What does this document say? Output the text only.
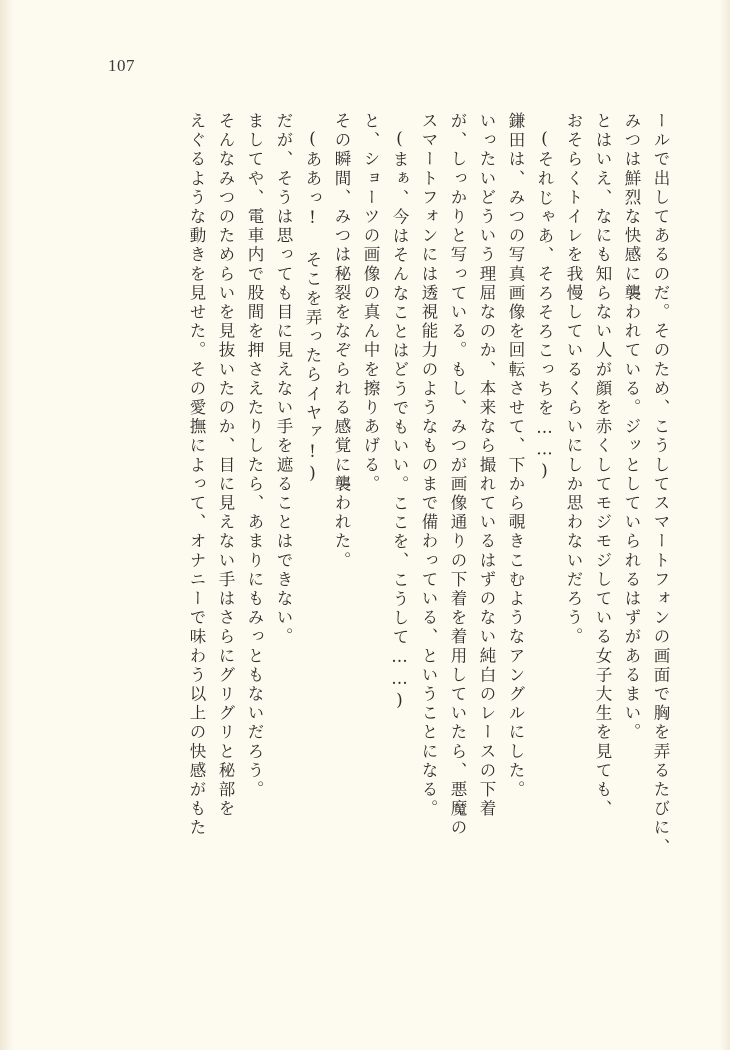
107
ールで出してあるのだ。そのため、こうしてスマートフォンの画面で胸を弄るたびに、
みつは鮮烈な快感に襲われている。ジッとしていられるはずがあるまい。
とはいえ、なにも知らない人が顔を赤くしてモジモジしている女子大生を見ても、
おそらくトイレを我慢しているくらいにしか思わないだろう。
(それじゃあ、そろそろこっちを……)
鎌田は、みつの写真画像を回転させて、下から覗きこむようなアングルにした。
いったいどういう理屈なのか、本来なら撮れているはずのない純白のレースの下着
が、しっかりと写っている。もし、みつが画像通りの下着を着用していたら、悪魔の
スマートフォンには透視能力のようなものまで備わっている、ということになる。
(まぁ、今はそんなことはどうでもいい。ここを、こうして……)
と、ショーツの画像の真ん中を擦りあげる。
その瞬間、みつは秘裂をなぞられる感覚に襲われた。
(ああっ! そこを弄ったらイヤァ!)
だが、そうは思っても目に見えない手を遮ることはできない。
ましてや、電車内で股間を押さえたりしたら、あまりにもみっともないだろう。
そんなみつのためらいを見抜いたのか、目に見えない手はさらにグリグリと秘部を
えぐるような動きを見せた。その愛撫によって、オナニーで味わう以上の快感がもた
